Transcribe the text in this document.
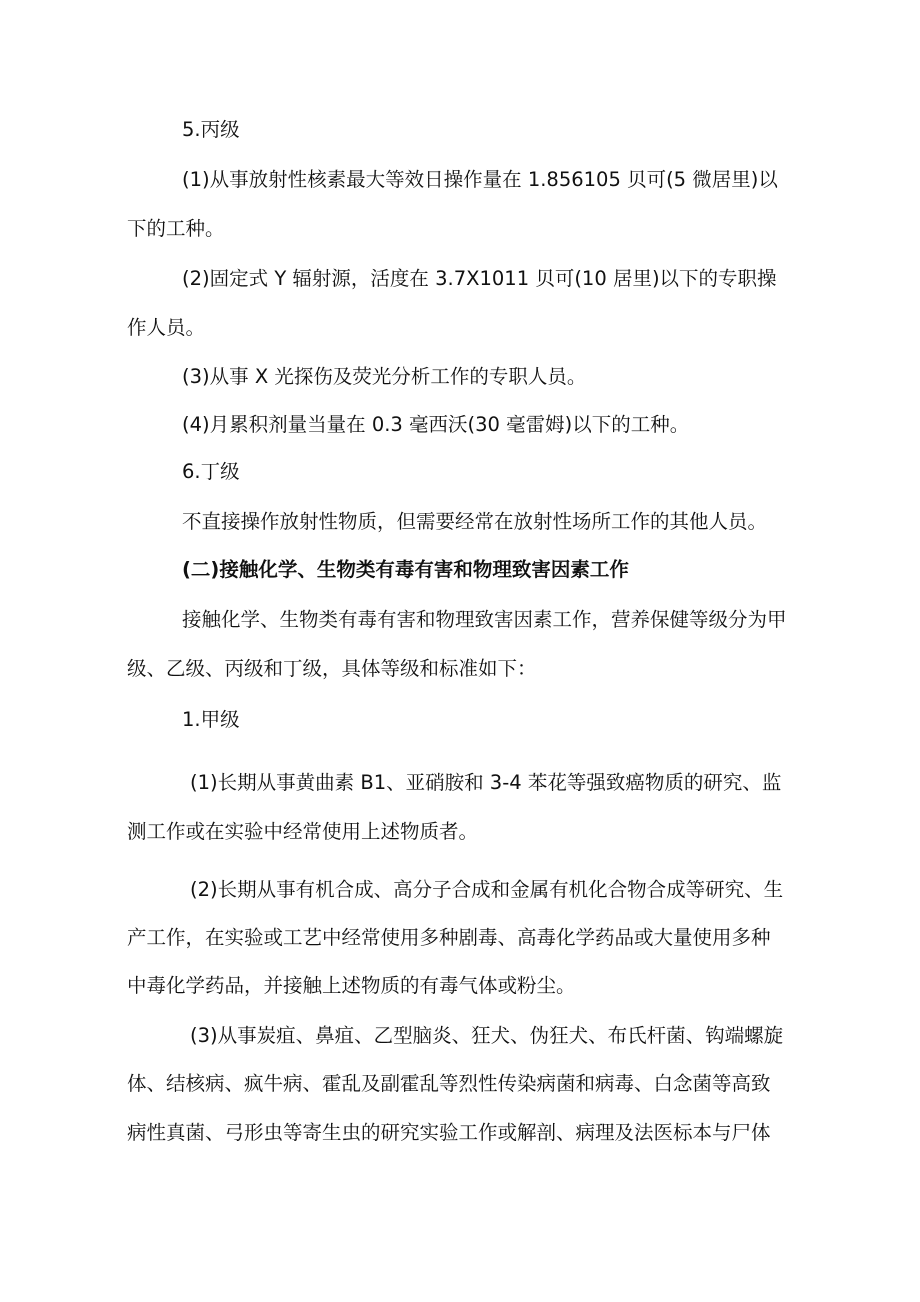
5.丙级

(1)从事放射性核素最大等效日操作量在 1.856105 贝可(5 微居里)以

下的工种。

(2)固定式 Y 辐射源，活度在 3.7X1011 贝可(10 居里)以下的专职操

作人员。

(3)从事 X 光探伤及荧光分析工作的专职人员。

(4)月累积剂量当量在 0.3 毫西沃(30 毫雷姆)以下的工种。

6.丁级

不直接操作放射性物质，但需要经常在放射性场所工作的其他人员。

(二)接触化学、生物类有毒有害和物理致害因素工作

接触化学、生物类有毒有害和物理致害因素工作，营养保健等级分为甲

级、乙级、丙级和丁级，具体等级和标准如下：

1.甲级

(1)长期从事黄曲素 B1、亚硝胺和 3-4 苯花等强致癌物质的研究、监

测工作或在实验中经常使用上述物质者。

(2)长期从事有机合成、高分子合成和金属有机化合物合成等研究、生

产工作，在实验或工艺中经常使用多种剧毒、高毒化学药品或大量使用多种

中毒化学药品，并接触上述物质的有毒气体或粉尘。

(3)从事炭疽、鼻疽、乙型脑炎、狂犬、伪狂犬、布氏杆菌、钩端螺旋

体、结核病、疯牛病、霍乱及副霍乱等烈性传染病菌和病毒、白念菌等高致

病性真菌、弓形虫等寄生虫的研究实验工作或解剖、病理及法医标本与尸体
